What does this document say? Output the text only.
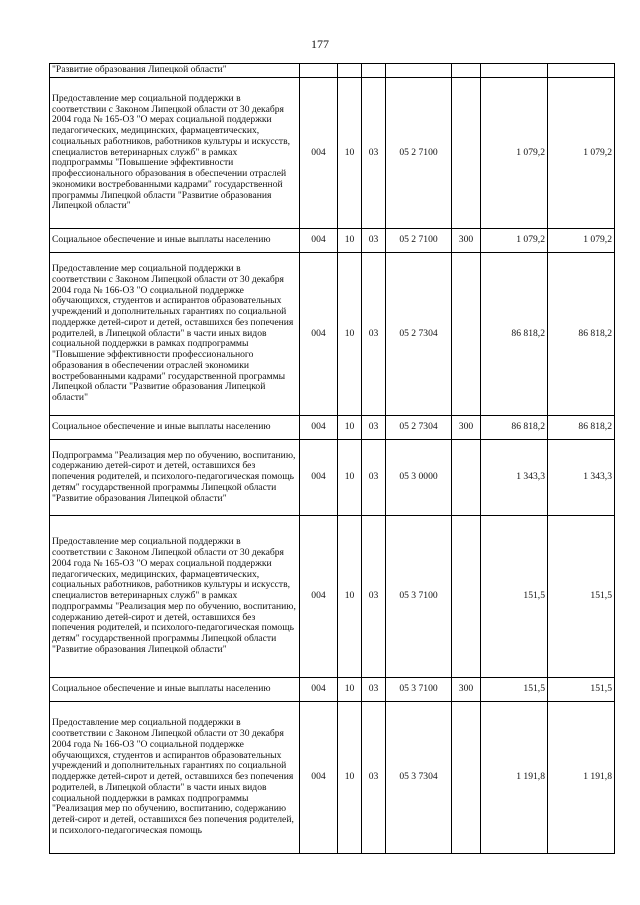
177
"Развитие образования Липецкой области"							
Предоставление мер социальной поддержки в соответствии с Законом Липецкой области от 30 декабря 2004 года № 165-ОЗ "О мерах социальной поддержки педагогических, медицинских, фармацевтических, социальных работников, работников культуры и искусств, специалистов ветеринарных служб" в рамках подпрограммы "Повышение эффективности профессионального образования в обеспечении отраслей экономики востребованными кадрами" государственной программы Липецкой области "Развитие образования Липецкой области"	004	10	03	05 2 7100		1 079,2	1 079,2
Социальное обеспечение и иные выплаты населению	004	10	03	05 2 7100	300	1 079,2	1 079,2
Предоставление мер социальной поддержки в соответствии с Законом Липецкой области от 30 декабря 2004 года № 166-ОЗ "О социальной поддержке обучающихся, студентов и аспирантов образовательных учреждений и дополнительных гарантиях по социальной поддержке детей-сирот и детей, оставшихся без попечения родителей, в Липецкой области" в части иных видов социальной поддержки в рамках подпрограммы "Повышение эффективности профессионального образования в обеспечении отраслей экономики востребованными кадрами" государственной программы Липецкой области "Развитие образования Липецкой области"	004	10	03	05 2 7304		86 818,2	86 818,2
Социальное обеспечение и иные выплаты населению	004	10	03	05 2 7304	300	86 818,2	86 818,2
Подпрограмма "Реализация мер по обучению, воспитанию, содержанию детей-сирот и детей, оставшихся без попечения родителей, и психолого-педагогическая помощь детям" государственной программы Липецкой области "Развитие образования Липецкой области"	004	10	03	05 3 0000		1 343,3	1 343,3
Предоставление мер социальной поддержки в соответствии с Законом Липецкой области от 30 декабря 2004 года № 165-ОЗ "О мерах социальной поддержки педагогических, медицинских, фармацевтических, социальных работников, работников культуры и искусств, специалистов ветеринарных служб" в рамках подпрограммы "Реализация мер по обучению, воспитанию, содержанию детей-сирот и детей, оставшихся без попечения родителей, и психолого-педагогическая помощь детям" государственной программы Липецкой области "Развитие образования Липецкой области"	004	10	03	05 3 7100		151,5	151,5
Социальное обеспечение и иные выплаты населению	004	10	03	05 3 7100	300	151,5	151,5
Предоставление мер социальной поддержки в соответствии с Законом Липецкой области от 30 декабря 2004 года № 166-ОЗ "О социальной поддержке обучающихся, студентов и аспирантов образовательных учреждений и дополнительных гарантиях по социальной поддержке детей-сирот и детей, оставшихся без попечения родителей, в Липецкой области" в части иных видов социальной поддержки в рамках подпрограммы "Реализация мер по обучению, воспитанию, содержанию детей-сирот и детей, оставшихся без попечения родителей, и психолого-педагогическая помощь	004	10	03	05 3 7304		1 191,8	1 191,8
